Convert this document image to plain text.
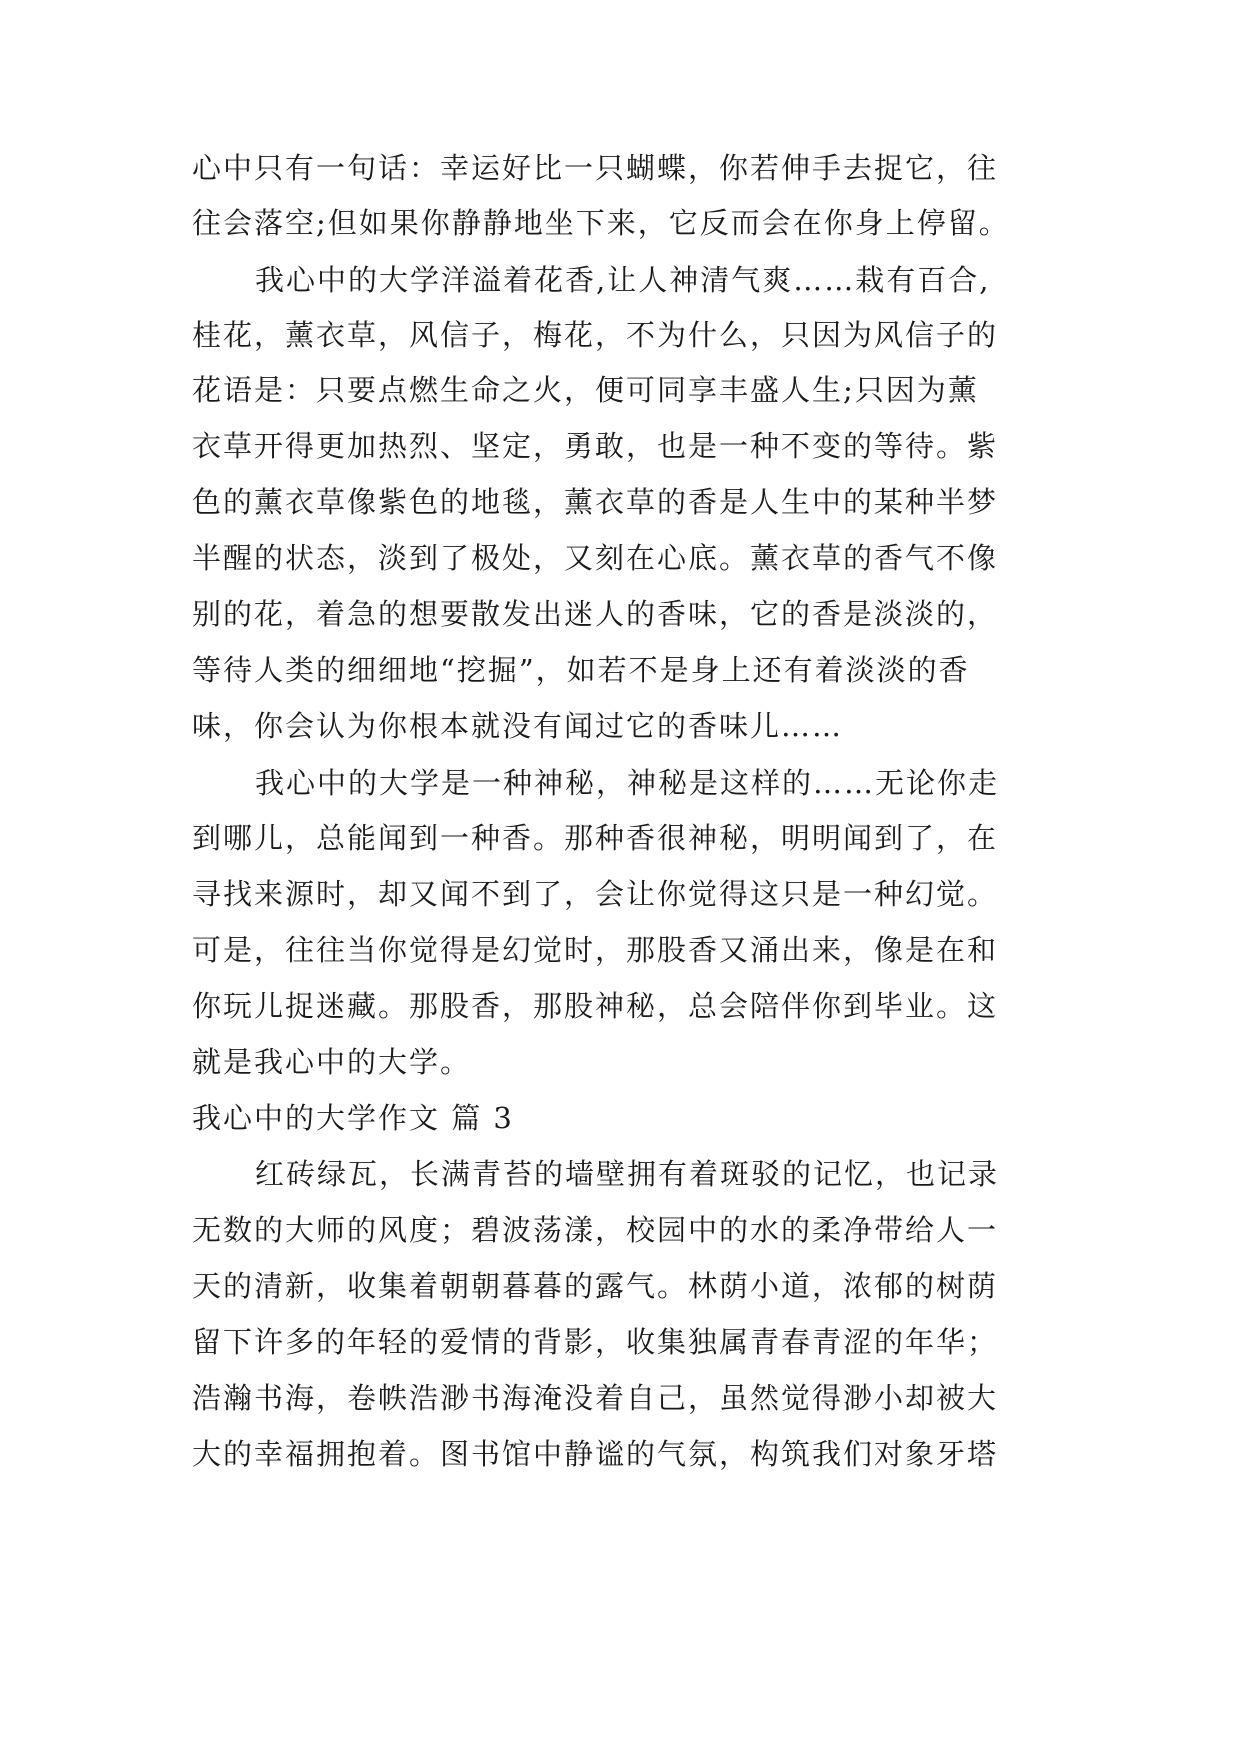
心中只有一句话：幸运好比一只蝴蝶，你若伸手去捉它，往

往会落空;但如果你静静地坐下来，它反而会在你身上停留。

我心中的大学洋溢着花香,让人神清气爽……栽有百合,

桂花，薰衣草，风信子，梅花，不为什么，只因为风信子的

花语是：只要点燃生命之火，便可同享丰盛人生;只因为薰

衣草开得更加热烈、坚定，勇敢，也是一种不变的等待。紫

色的薰衣草像紫色的地毯，薰衣草的香是人生中的某种半梦

半醒的状态，淡到了极处，又刻在心底。薰衣草的香气不像

别的花，着急的想要散发出迷人的香味，它的香是淡淡的，

等待人类的细细地“挖掘”，如若不是身上还有着淡淡的香

味，你会认为你根本就没有闻过它的香味儿……

我心中的大学是一种神秘，神秘是这样的……无论你走

到哪儿，总能闻到一种香。那种香很神秘，明明闻到了，在

寻找来源时，却又闻不到了，会让你觉得这只是一种幻觉。

可是，往往当你觉得是幻觉时，那股香又涌出来，像是在和

你玩儿捉迷藏。那股香，那股神秘，总会陪伴你到毕业。这

就是我心中的大学。

我心中的大学作文 篇 3

红砖绿瓦，长满青苔的墙壁拥有着斑驳的记忆，也记录

无数的大师的风度；碧波荡漾，校园中的水的柔净带给人一

天的清新，收集着朝朝暮暮的露气。林荫小道，浓郁的树荫

留下许多的年轻的爱情的背影，收集独属青春青涩的年华；

浩瀚书海，卷帙浩渺书海淹没着自己，虽然觉得渺小却被大

大的幸福拥抱着。图书馆中静谧的气氛，构筑我们对象牙塔
